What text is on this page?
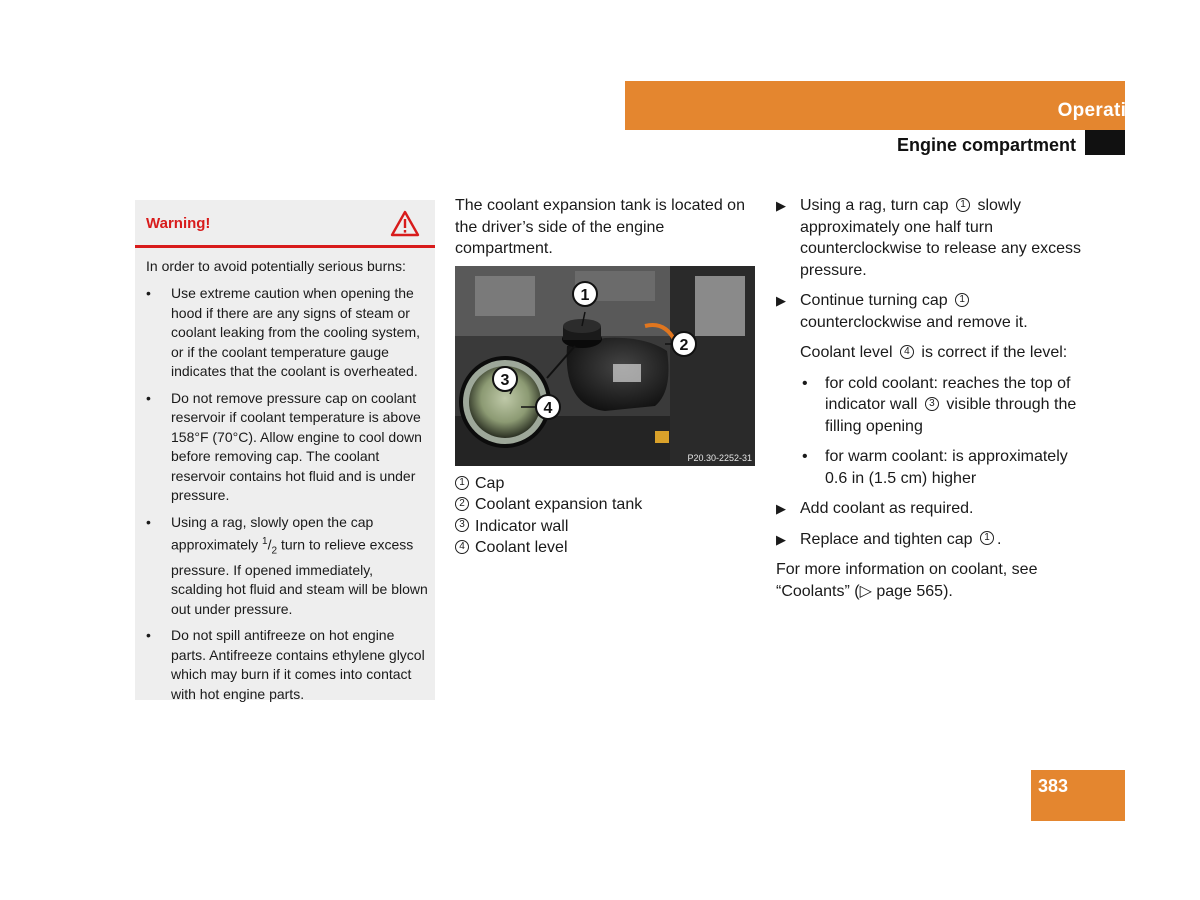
Operation
Engine compartment
Warning!
In order to avoid potentially serious burns:
• Use extreme caution when opening the hood if there are any signs of steam or coolant leaking from the cooling system, or if the coolant temperature gauge indicates that the coolant is overheated.
• Do not remove pressure cap on coolant reservoir if coolant temperature is above 158°F (70°C). Allow engine to cool down before removing cap. The coolant reservoir contains hot fluid and is under pressure.
• Using a rag, slowly open the cap approximately $^1/_2$ turn to relieve excess pressure. If opened immediately, scalding hot fluid and steam will be blown out under pressure.
• Do not spill antifreeze on hot engine parts. Antifreeze contains ethylene glycol which may burn if it comes into contact with hot engine parts.
The coolant expansion tank is located on the driver’s side of the engine compartment.
1
2
3
4
P20.30-2252-31
1 Cap
2 Coolant expansion tank
3 Indicator wall
4 Coolant level
▶ Using a rag, turn cap 1 slowly approximately one half turn counterclockwise to release any excess pressure.
▶ Continue turning cap 1 counterclockwise and remove it.
Coolant level 4 is correct if the level:
• for cold coolant: reaches the top of indicator wall 3 visible through the filling opening
• for warm coolant: is approximately 0.6 in (1.5 cm) higher
▶ Add coolant as required.
▶ Replace and tighten cap 1 .
For more information on coolant, see “Coolants” (▷ page 565).
383
